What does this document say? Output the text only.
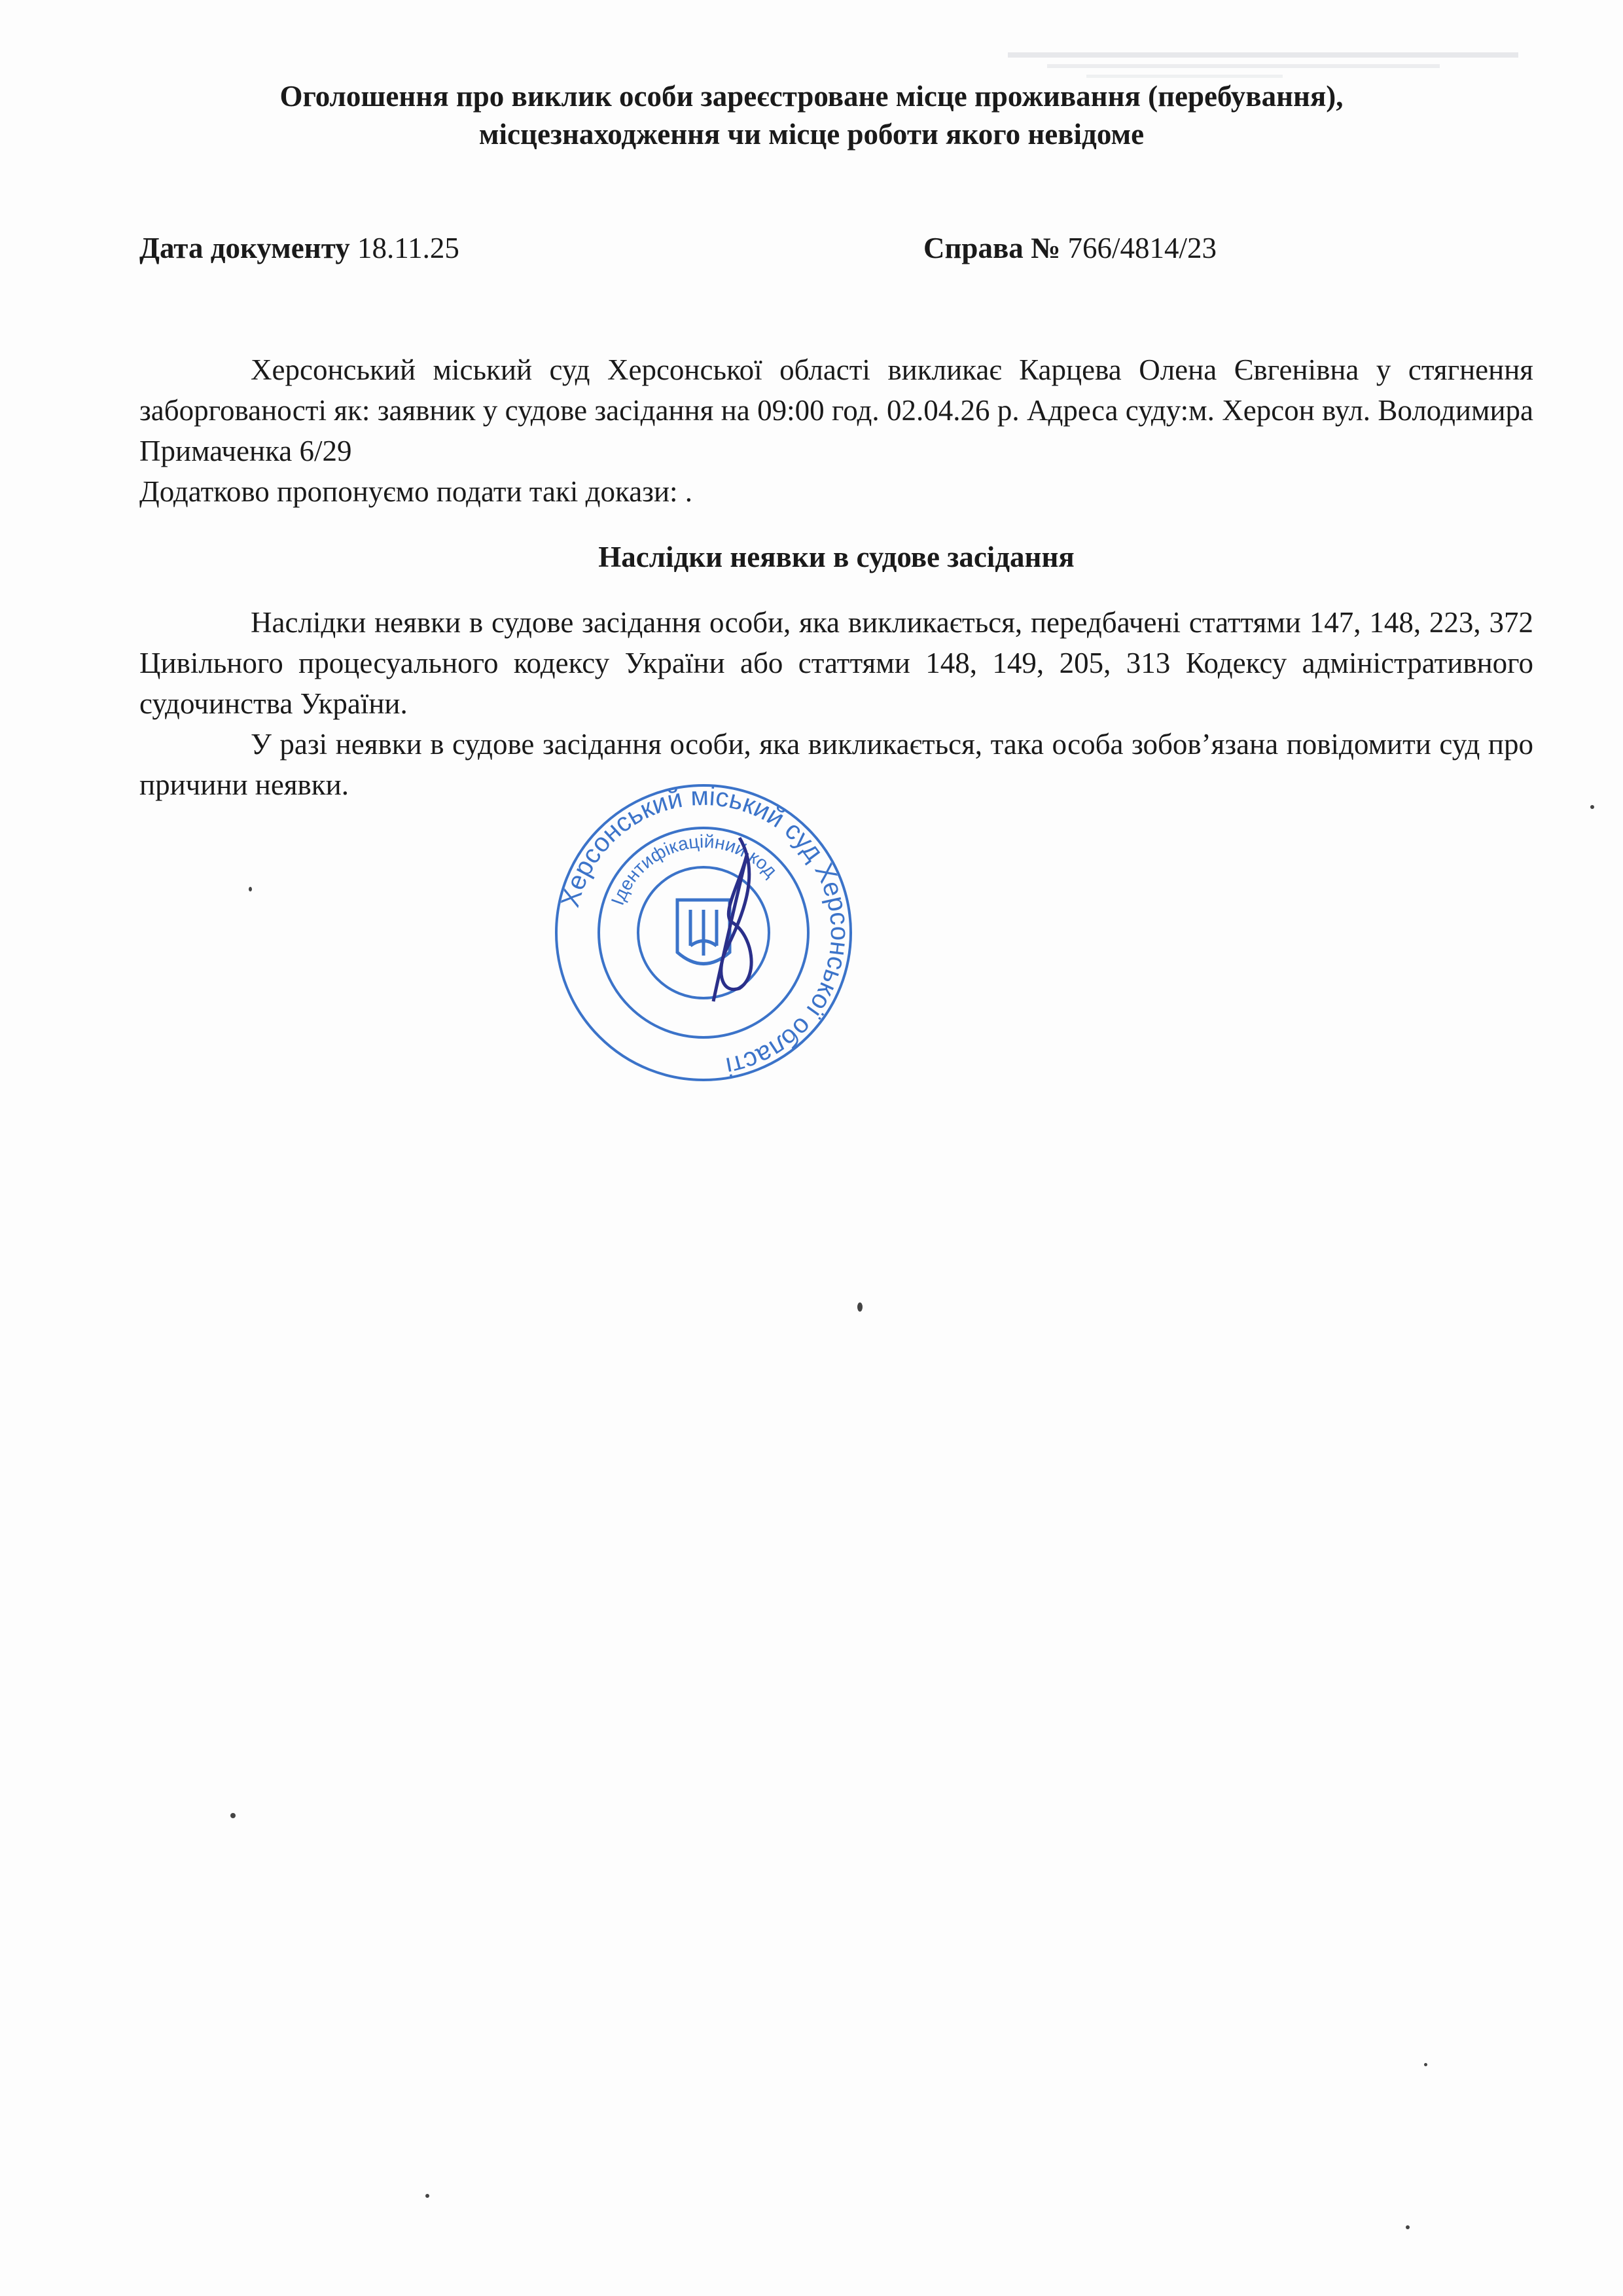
Оголошення про виклик особи зареєстроване місце проживання (перебування),
місцезнаходження чи місце роботи якого невідоме
Дата документу 18.11.25	Справа № 766/4814/23
Херсонський міський суд Херсонської області викликає Карцева Олена Євгенівна у стягнення заборгованості як: заявник у судове засідання на 09:00 год. 02.04.26 р. Адреса суду:м. Херсон вул. Володимира Примаченка 6/29
Додатково пропонуємо подати такі докази: .
Наслідки неявки в судове засідання
Наслідки неявки в судове засідання особи, яка викликається, передбачені статтями 147, 148, 223, 372 Цивільного процесуального кодексу України або статтями 148, 149, 205, 313 Кодексу адміністративного судочинства України.
У разі неявки в судове засідання особи, яка викликається, така особа зобов’язана повідомити суд про причини неявки.
Херсонський міський суд Херсонської області
Ідентифікаційний код
